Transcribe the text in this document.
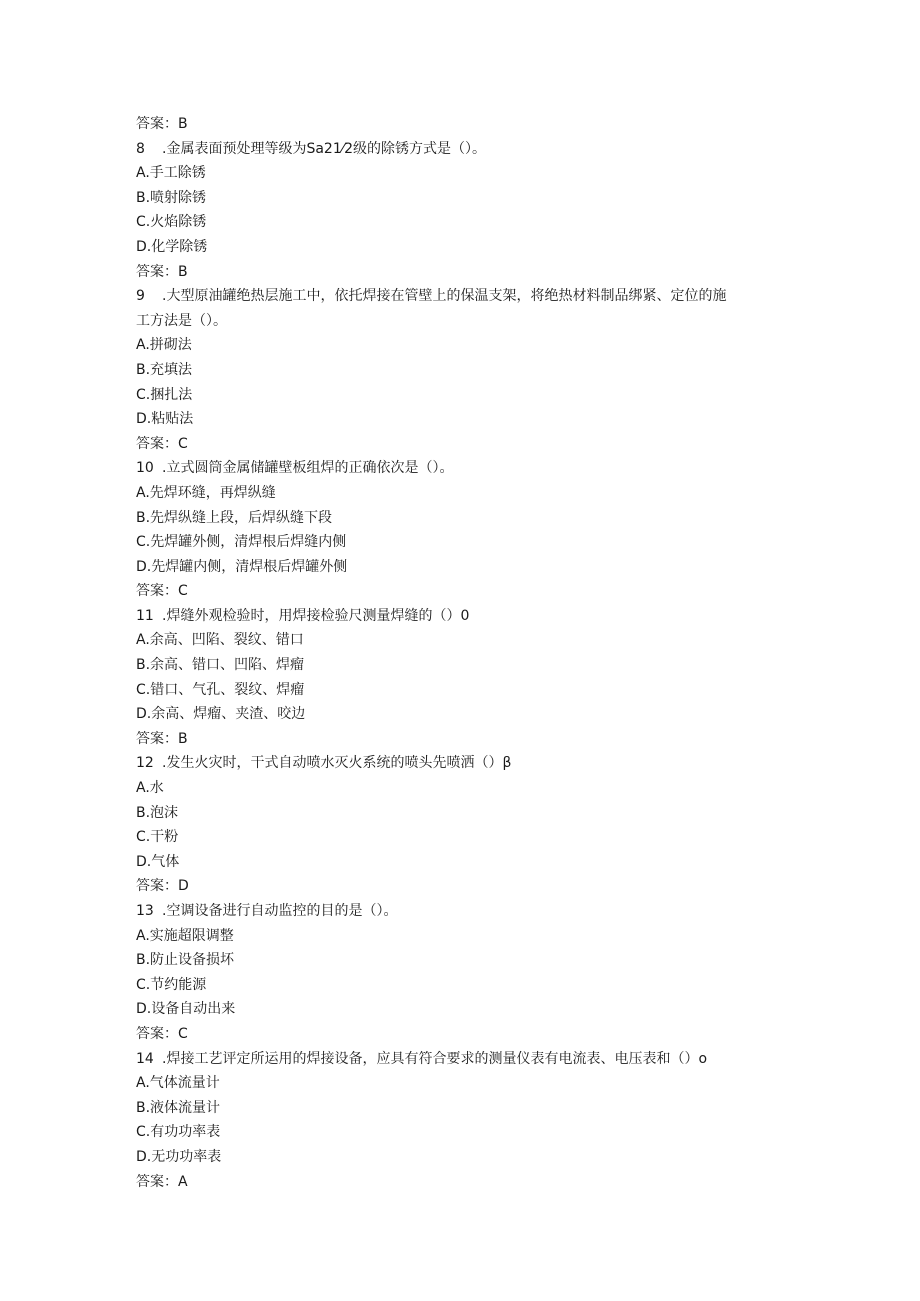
答案：B
8 .金属表面预处理等级为Sa21⁄2级的除锈方式是（）。
A.手工除锈
B.喷射除锈
C.火焰除锈
D.化学除锈
答案：B
9 .大型原油罐绝热层施工中，依托焊接在管壁上的保温支架，将绝热材料制品绑紧、定位的施
工方法是（）。
A.拼砌法
B.充填法
C.捆扎法
D.粘贴法
答案：C
10 .立式圆筒金属储罐壁板组焊的正确依次是（）。
A.先焊环缝，再焊纵缝
B.先焊纵缝上段，后焊纵缝下段
C.先焊罐外侧，清焊根后焊缝内侧
D.先焊罐内侧，清焊根后焊罐外侧
答案：C
11 .焊缝外观检验时，用焊接检验尺测量焊缝的（）0
A.余高、凹陷、裂纹、错口
B.余高、错口、凹陷、焊瘤
C.错口、气孔、裂纹、焊瘤
D.余高、焊瘤、夹渣、咬边
答案：B
12 .发生火灾时，干式自动喷水灭火系统的喷头先喷洒（）β
A.水
B.泡沫
C.干粉
D.气体
答案：D
13 .空调设备进行自动监控的目的是（）。
A.实施超限调整
B.防止设备损坏
C.节约能源
D.设备自动出来
答案：C
14 .焊接工艺评定所运用的焊接设备，应具有符合要求的测量仪表有电流表、电压表和（）o
A.气体流量计
B.液体流量计
C.有功功率表
D.无功功率表
答案：A
